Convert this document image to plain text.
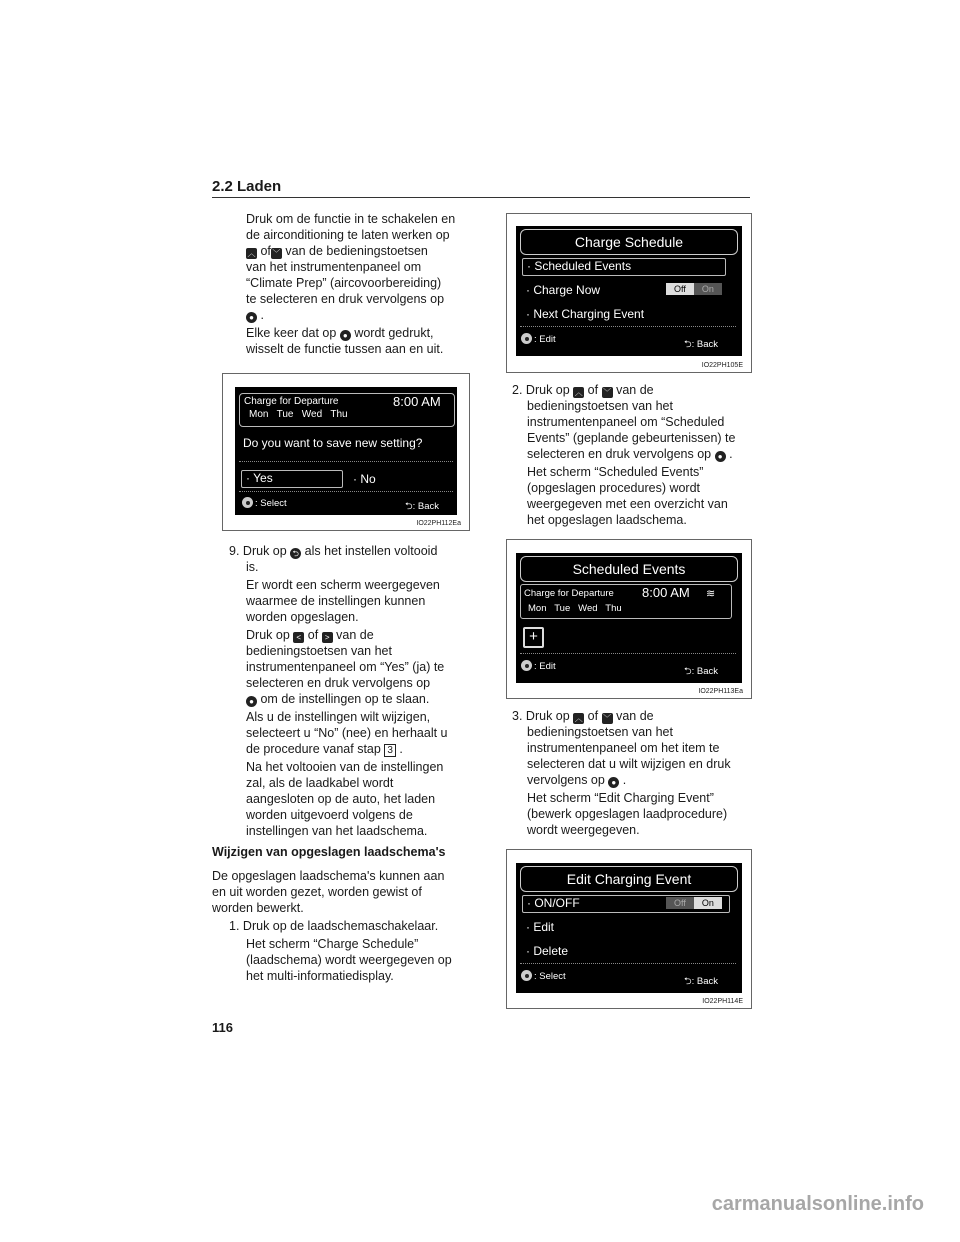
2.2 Laden
Druk om de functie in te schakelen en
de airconditioning te laten werken op
︿ of ﹀ van de bedieningstoetsen
van het instrumentenpaneel om
“Climate Prep” (aircovoorbereiding)
te selecteren en druk vervolgens op
● .
Elke keer dat op ● wordt gedrukt,
wisselt de functie tussen aan en uit.
Charge for Departure	8:00 AM
Mon   Tue   Wed   Thu
Do you want to save new setting?
· Yes	· No
: Select	⮌: Back
IO22PH112Ea
9. Druk op ⮌ als het instellen voltooid
is.
Er wordt een scherm weergegeven
waarmee de instellingen kunnen
worden opgeslagen.
Druk op < of > van de
bedieningstoetsen van het
instrumentenpaneel om “Yes” (ja) te
selecteren en druk vervolgens op
● om de instellingen op te slaan.
Als u de instellingen wilt wijzigen,
selecteert u “No” (nee) en herhaalt u
de procedure vanaf stap 3 .
Na het voltooien van de instellingen
zal, als de laadkabel wordt
aangesloten op de auto, het laden
worden uitgevoerd volgens de
instellingen van het laadschema.
Wijzigen van opgeslagen laadschema's
De opgeslagen laadschema's kunnen aan
en uit worden gezet, worden gewist of
worden bewerkt.
1. Druk op de laadschemaschakelaar.
Het scherm “Charge Schedule”
(laadschema) wordt weergegeven op
het multi-informatiedisplay.
Charge Schedule
· Scheduled Events
· Charge Now	Off	On
· Next Charging Event
: Edit	⮌: Back
IO22PH105E
2. Druk op ︿ of ﹀ van de
bedieningstoetsen van het
instrumentenpaneel om “Scheduled
Events” (geplande gebeurtenissen) te
selecteren en druk vervolgens op ● .
Het scherm “Scheduled Events”
(opgeslagen procedures) wordt
weergegeven met een overzicht van
het opgeslagen laadschema.
Scheduled Events
Charge for Departure 8:00 AM ≋
Mon   Tue   Wed   Thu
+
: Edit	⮌: Back
IO22PH113Ea
3. Druk op ︿ of ﹀ van de
bedieningstoetsen van het
instrumentenpaneel om het item te
selecteren dat u wilt wijzigen en druk
vervolgens op ● .
Het scherm “Edit Charging Event”
(bewerk opgeslagen laadprocedure)
wordt weergegeven.
Edit Charging Event
· ON/OFF	Off	On
· Edit
· Delete
: Select	⮌: Back
IO22PH114E
116
carmanualsonline.info
